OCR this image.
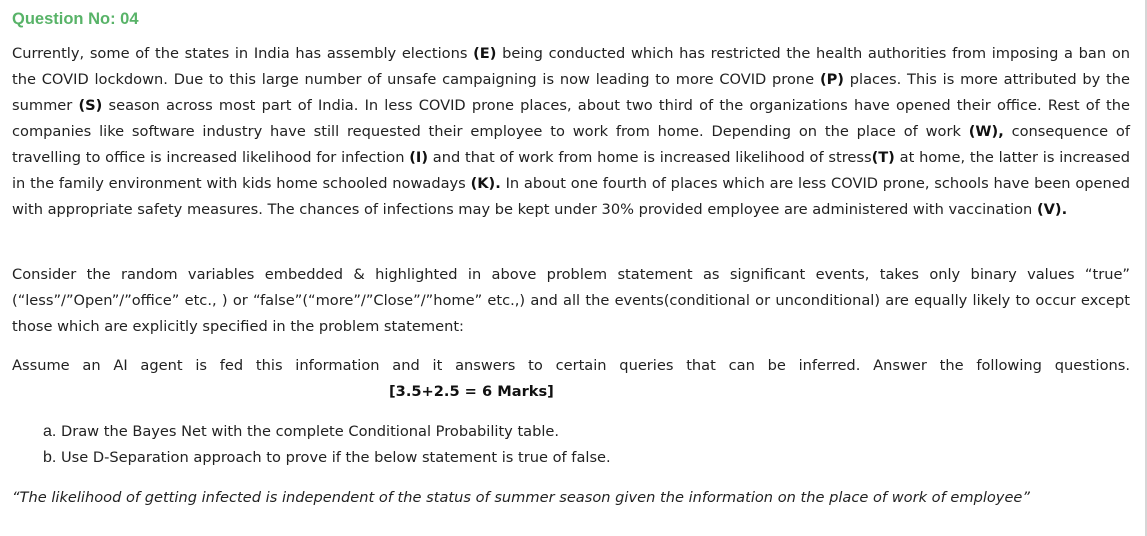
Question No: 04

Currently, some of the states in India has assembly elections (E) being conducted which has restricted the health authorities from imposing a ban on the COVID lockdown. Due to this large number of unsafe campaigning is now leading to more COVID prone (P) places. This is more attributed by the summer (S) season across most part of India. In less COVID prone places, about two third of the organizations have opened their office. Rest of the companies like software industry have still requested their employee to work from home. Depending on the place of work (W), consequence of travelling to office is increased likelihood for infection (I) and that of work from home is increased likelihood of stress(T) at home, the latter is increased in the family environment with kids home schooled nowadays (K). In about one fourth of places which are less COVID prone, schools have been opened with appropriate safety measures. The chances of infections may be kept under 30% provided employee are administered with vaccination (V).

Consider the random variables embedded & highlighted in above problem statement as significant events, takes only binary values “true” (“less”/”Open”/”office” etc., ) or “false”(“more”/”Close”/”home” etc.,) and all the events(conditional or unconditional) are equally likely to occur except those which are explicitly specified in the problem statement:

Assume an AI agent is fed this information and it answers to certain queries that can be inferred. Answer the following questions.

[3.5+2.5 = 6 Marks]
a. Draw the Bayes Net with the complete Conditional Probability table.
b. Use D-Separation approach to prove if the below statement is true of false.
“The likelihood of getting infected is independent of the status of summer season given the information on the place of work of employee”
